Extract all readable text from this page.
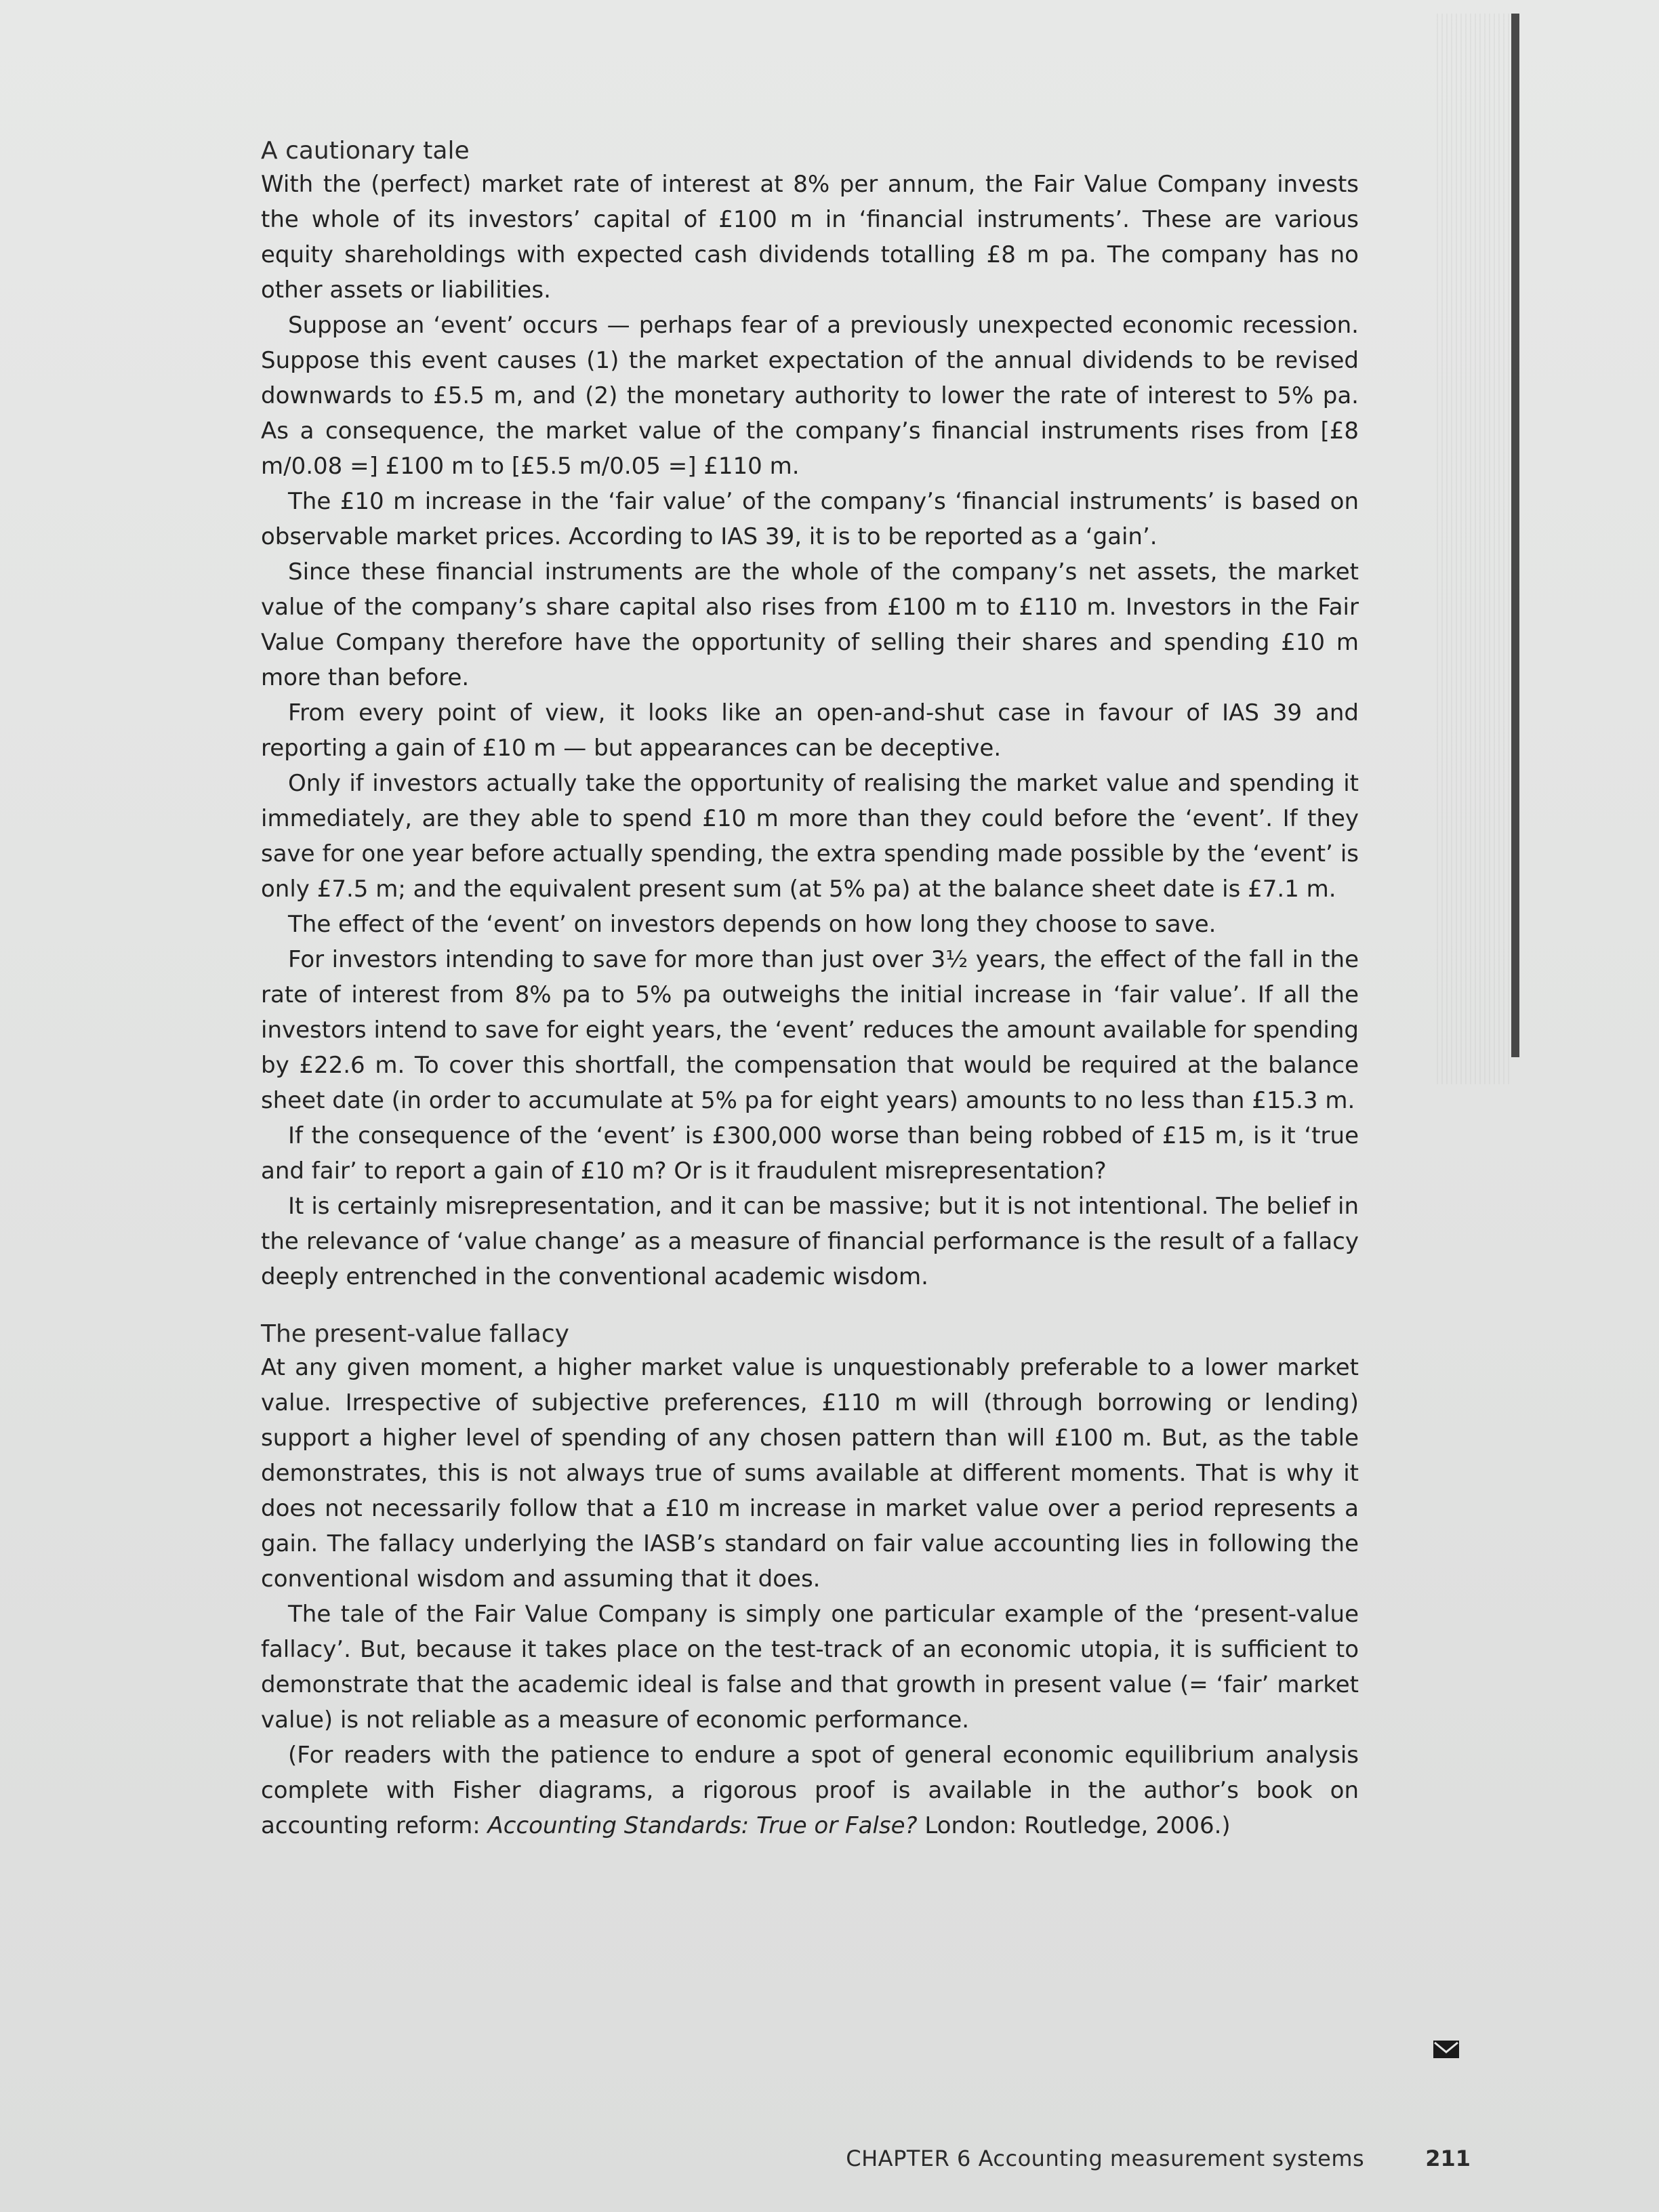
A cautionary tale

With the (perfect) market rate of interest at 8% per annum, the Fair Value Company invests the whole of its investors’ capital of £100 m in ‘financial instruments’. These are various equity shareholdings with expected cash dividends totalling £8 m pa. The company has no other assets or liabilities.

Suppose an ‘event’ occurs — perhaps fear of a previously unexpected economic recession. Suppose this event causes (1) the market expectation of the annual dividends to be revised downwards to £5.5 m, and (2) the monetary authority to lower the rate of interest to 5% pa. As a consequence, the market value of the company’s financial instruments rises from [£8 m/0.08 =] £100 m to [£5.5 m/0.05 =] £110 m.

The £10 m increase in the ‘fair value’ of the company’s ‘financial instruments’ is based on observable market prices. According to IAS 39, it is to be reported as a ‘gain’.

Since these financial instruments are the whole of the company’s net assets, the market value of the company’s share capital also rises from £100 m to £110 m. Investors in the Fair Value Company therefore have the opportunity of selling their shares and spending £10 m more than before.

From every point of view, it looks like an open-and-shut case in favour of IAS 39 and reporting a gain of £10 m — but appearances can be deceptive.

Only if investors actually take the opportunity of realising the market value and spending it immediately, are they able to spend £10 m more than they could before the ‘event’. If they save for one year before actually spending, the extra spending made possible by the ‘event’ is only £7.5 m; and the equivalent present sum (at 5% pa) at the balance sheet date is £7.1 m.

The effect of the ‘event’ on investors depends on how long they choose to save.

For investors intending to save for more than just over 3½ years, the effect of the fall in the rate of interest from 8% pa to 5% pa outweighs the initial increase in ‘fair value’. If all the investors intend to save for eight years, the ‘event’ reduces the amount available for spending by £22.6 m. To cover this shortfall, the compensation that would be required at the balance sheet date (in order to accumulate at 5% pa for eight years) amounts to no less than £15.3 m.

If the consequence of the ‘event’ is £300,000 worse than being robbed of £15 m, is it ‘true and fair’ to report a gain of £10 m? Or is it fraudulent misrepresentation?

It is certainly misrepresentation, and it can be massive; but it is not intentional. The belief in the relevance of ‘value change’ as a measure of financial performance is the result of a fallacy deeply entrenched in the conventional academic wisdom.

The present-value fallacy

At any given moment, a higher market value is unquestionably preferable to a lower market value. Irrespective of subjective preferences, £110 m will (through borrowing or lending) support a higher level of spending of any chosen pattern than will £100 m. But, as the table demonstrates, this is not always true of sums available at different moments. That is why it does not necessarily follow that a £10 m increase in market value over a period represents a gain. The fallacy underlying the IASB’s standard on fair value accounting lies in following the conventional wisdom and assuming that it does.

The tale of the Fair Value Company is simply one particular example of the ‘present-value fallacy’. But, because it takes place on the test-track of an economic utopia, it is sufficient to demonstrate that the academic ideal is false and that growth in present value (= ‘fair’ market value) is not reliable as a measure of economic performance.

(For readers with the patience to endure a spot of general economic equilibrium analysis complete with Fisher diagrams, a rigorous proof is available in the author’s book on accounting reform: Accounting Standards: True or False? London: Routledge, 2006.)

CHAPTER 6 Accounting measurement systems	211
